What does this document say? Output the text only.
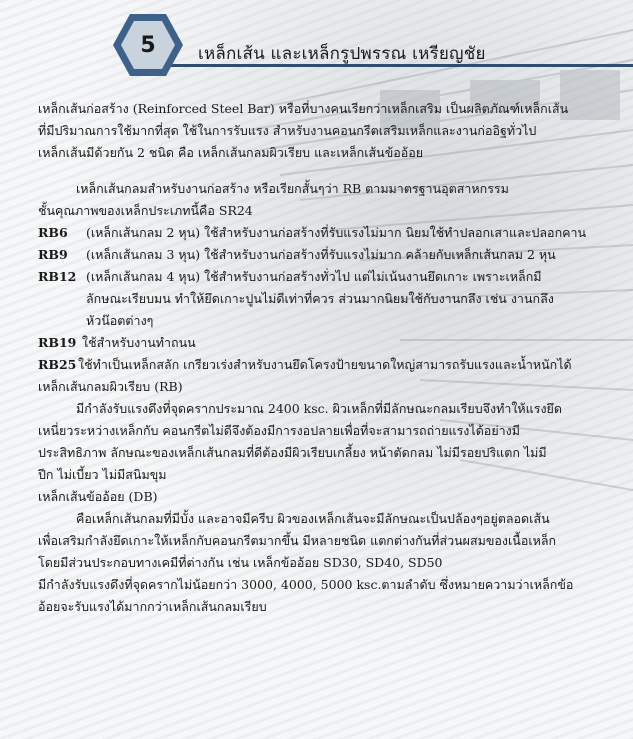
5	เหล็กเส้น และเหล็กรูปพรรณ เหรียญชัย

เหล็กเส้นก่อสร้าง (Reinforced Steel Bar) หรือที่บางคนเรียกว่าเหล็กเสริม เป็นผลิตภัณฑ์เหล็กเส้น

ที่มีปริมาณการใช้มากที่สุด ใช้ในการรับแรง สำหรับงานคอนกรีตเสริมเหล็กและงานก่ออิฐทั่วไป

เหล็กเส้นมีด้วยกัน 2 ชนิด คือ เหล็กเส้นกลมผิวเรียบ และเหล็กเส้นข้ออ้อย

เหล็กเส้นกลมสำหรับงานก่อสร้าง หรือเรียกสั้นๆว่า RB ตามมาตรฐานอุตสาหกรรม

ชั้นคุณภาพของเหล็กประเภทนี้คือ SR24

RB6	(เหล็กเส้นกลม 2 หุน) ใช้สำหรับงานก่อสร้างที่รับแรงไม่มาก นิยมใช้ทำปลอกเสาและปลอกคาน
RB9	(เหล็กเส้นกลม 3 หุน) ใช้สำหรับงานก่อสร้างที่รับแรงไม่มาก คล้ายกับเหล็กเส้นกลม 2 หุน
RB12 (เหล็กเส้นกลม 4 หุน) ใช้สำหรับงานก่อสร้างทั่วไป แต่ไม่เน้นงานยึดเกาะ เพราะเหล็กมี

ลักษณะเรียบมน ทำให้ยึดเกาะปูนไม่ดีเท่าที่ควร ส่วนมากนิยมใช้กับงานกลึง เช่น งานกลึง

หัวน๊อตต่างๆ

RB19 ใช้สำหรับงานทำถนน
RB25 ใช้ทำเป็นเหล็กสลัก เกรียวเร่งสำหรับงานยึดโครงป้ายขนาดใหญ่สามารถรับแรงและน้ำหนักได้

เหล็กเส้นกลมผิวเรียบ (RB)

มีกำลังรับแรงดึงที่จุดครากประมาณ 2400 ksc. ผิวเหล็กที่มีลักษณะกลมเรียบจึงทำให้แรงยึด

เหนี่ยวระหว่างเหล็กกับ คอนกรีตไม่ดีจึงต้องมีการงอปลายเพื่อที่จะสามารถถ่ายแรงได้อย่างมี

ประสิทธิภาพ ลักษณะของเหล็กเส้นกลมที่ดีต้องมีผิวเรียบเกลี้ยง หน้าตัดกลม ไม่มีรอยปริแตก ไม่มี

ปีก ไม่เบี้ยว ไม่มีสนิมขุม

เหล็กเส้นข้ออ้อย (DB)

คือเหล็กเส้นกลมที่มีบั้ง และอาจมีครีบ ผิวของเหล็กเส้นจะมีลักษณะเป็นปล้องๆอยู่ตลอดเส้น

เพื่อเสริมกำลังยึดเกาะให้เหล็กกับคอนกรีตมากขึ้น มีหลายชนิด แตกต่างกันที่ส่วนผสมของเนื้อเหล็ก

โดยมีส่วนประกอบทางเคมีที่ต่างกัน เช่น เหล็กข้ออ้อย SD30, SD40, SD50

มีกำลังรับแรงดึงที่จุดครากไม่น้อยกว่า 3000, 4000, 5000 ksc.ตามลำดับ ซึ่งหมายความว่าเหล็กข้อ

อ้อยจะรับแรงได้มากกว่าเหล็กเส้นกลมเรียบ
